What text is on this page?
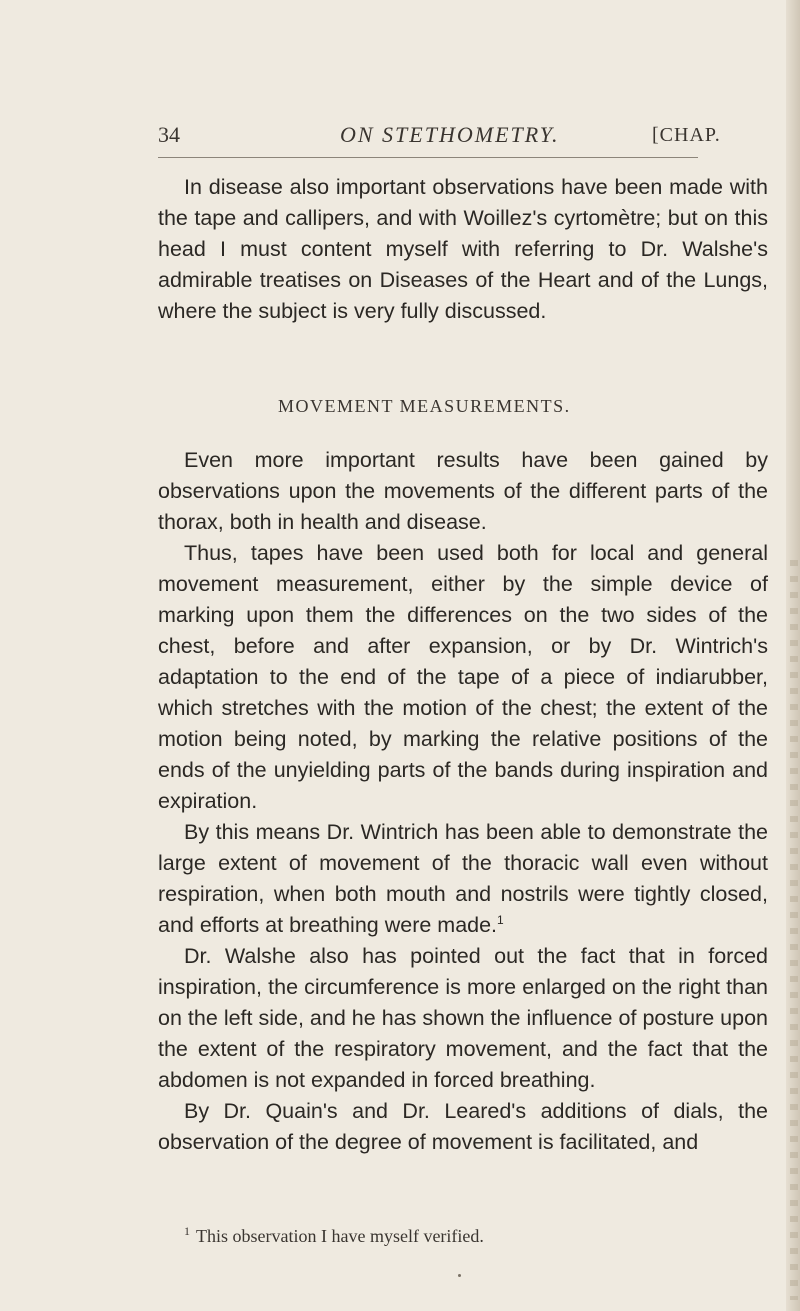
34	ON STETHOMETRY.	[CHAP.

In disease also important observations have been made with the tape and callipers, and with Woillez's cyrtomètre; but on this head I must content myself with referring to Dr. Walshe's admirable treatises on Diseases of the Heart and of the Lungs, where the subject is very fully discussed.

MOVEMENT MEASUREMENTS.

Even more important results have been gained by observations upon the movements of the different parts of the thorax, both in health and disease.

Thus, tapes have been used both for local and general movement measurement, either by the simple device of marking upon them the differences on the two sides of the chest, before and after expansion, or by Dr. Wintrich's adaptation to the end of the tape of a piece of indiarubber, which stretches with the motion of the chest; the extent of the motion being noted, by marking the relative positions of the ends of the unyielding parts of the bands during inspiration and expiration.

By this means Dr. Wintrich has been able to demonstrate the large extent of movement of the thoracic wall even without respiration, when both mouth and nostrils were tightly closed, and efforts at breathing were made.$^1$

Dr. Walshe also has pointed out the fact that in forced inspiration, the circumference is more enlarged on the right than on the left side, and he has shown the influence of posture upon the extent of the respiratory movement, and the fact that the abdomen is not expanded in forced breathing.

By Dr. Quain's and Dr. Leared's additions of dials, the observation of the degree of movement is facilitated, and

$^1$ This observation I have myself verified.
